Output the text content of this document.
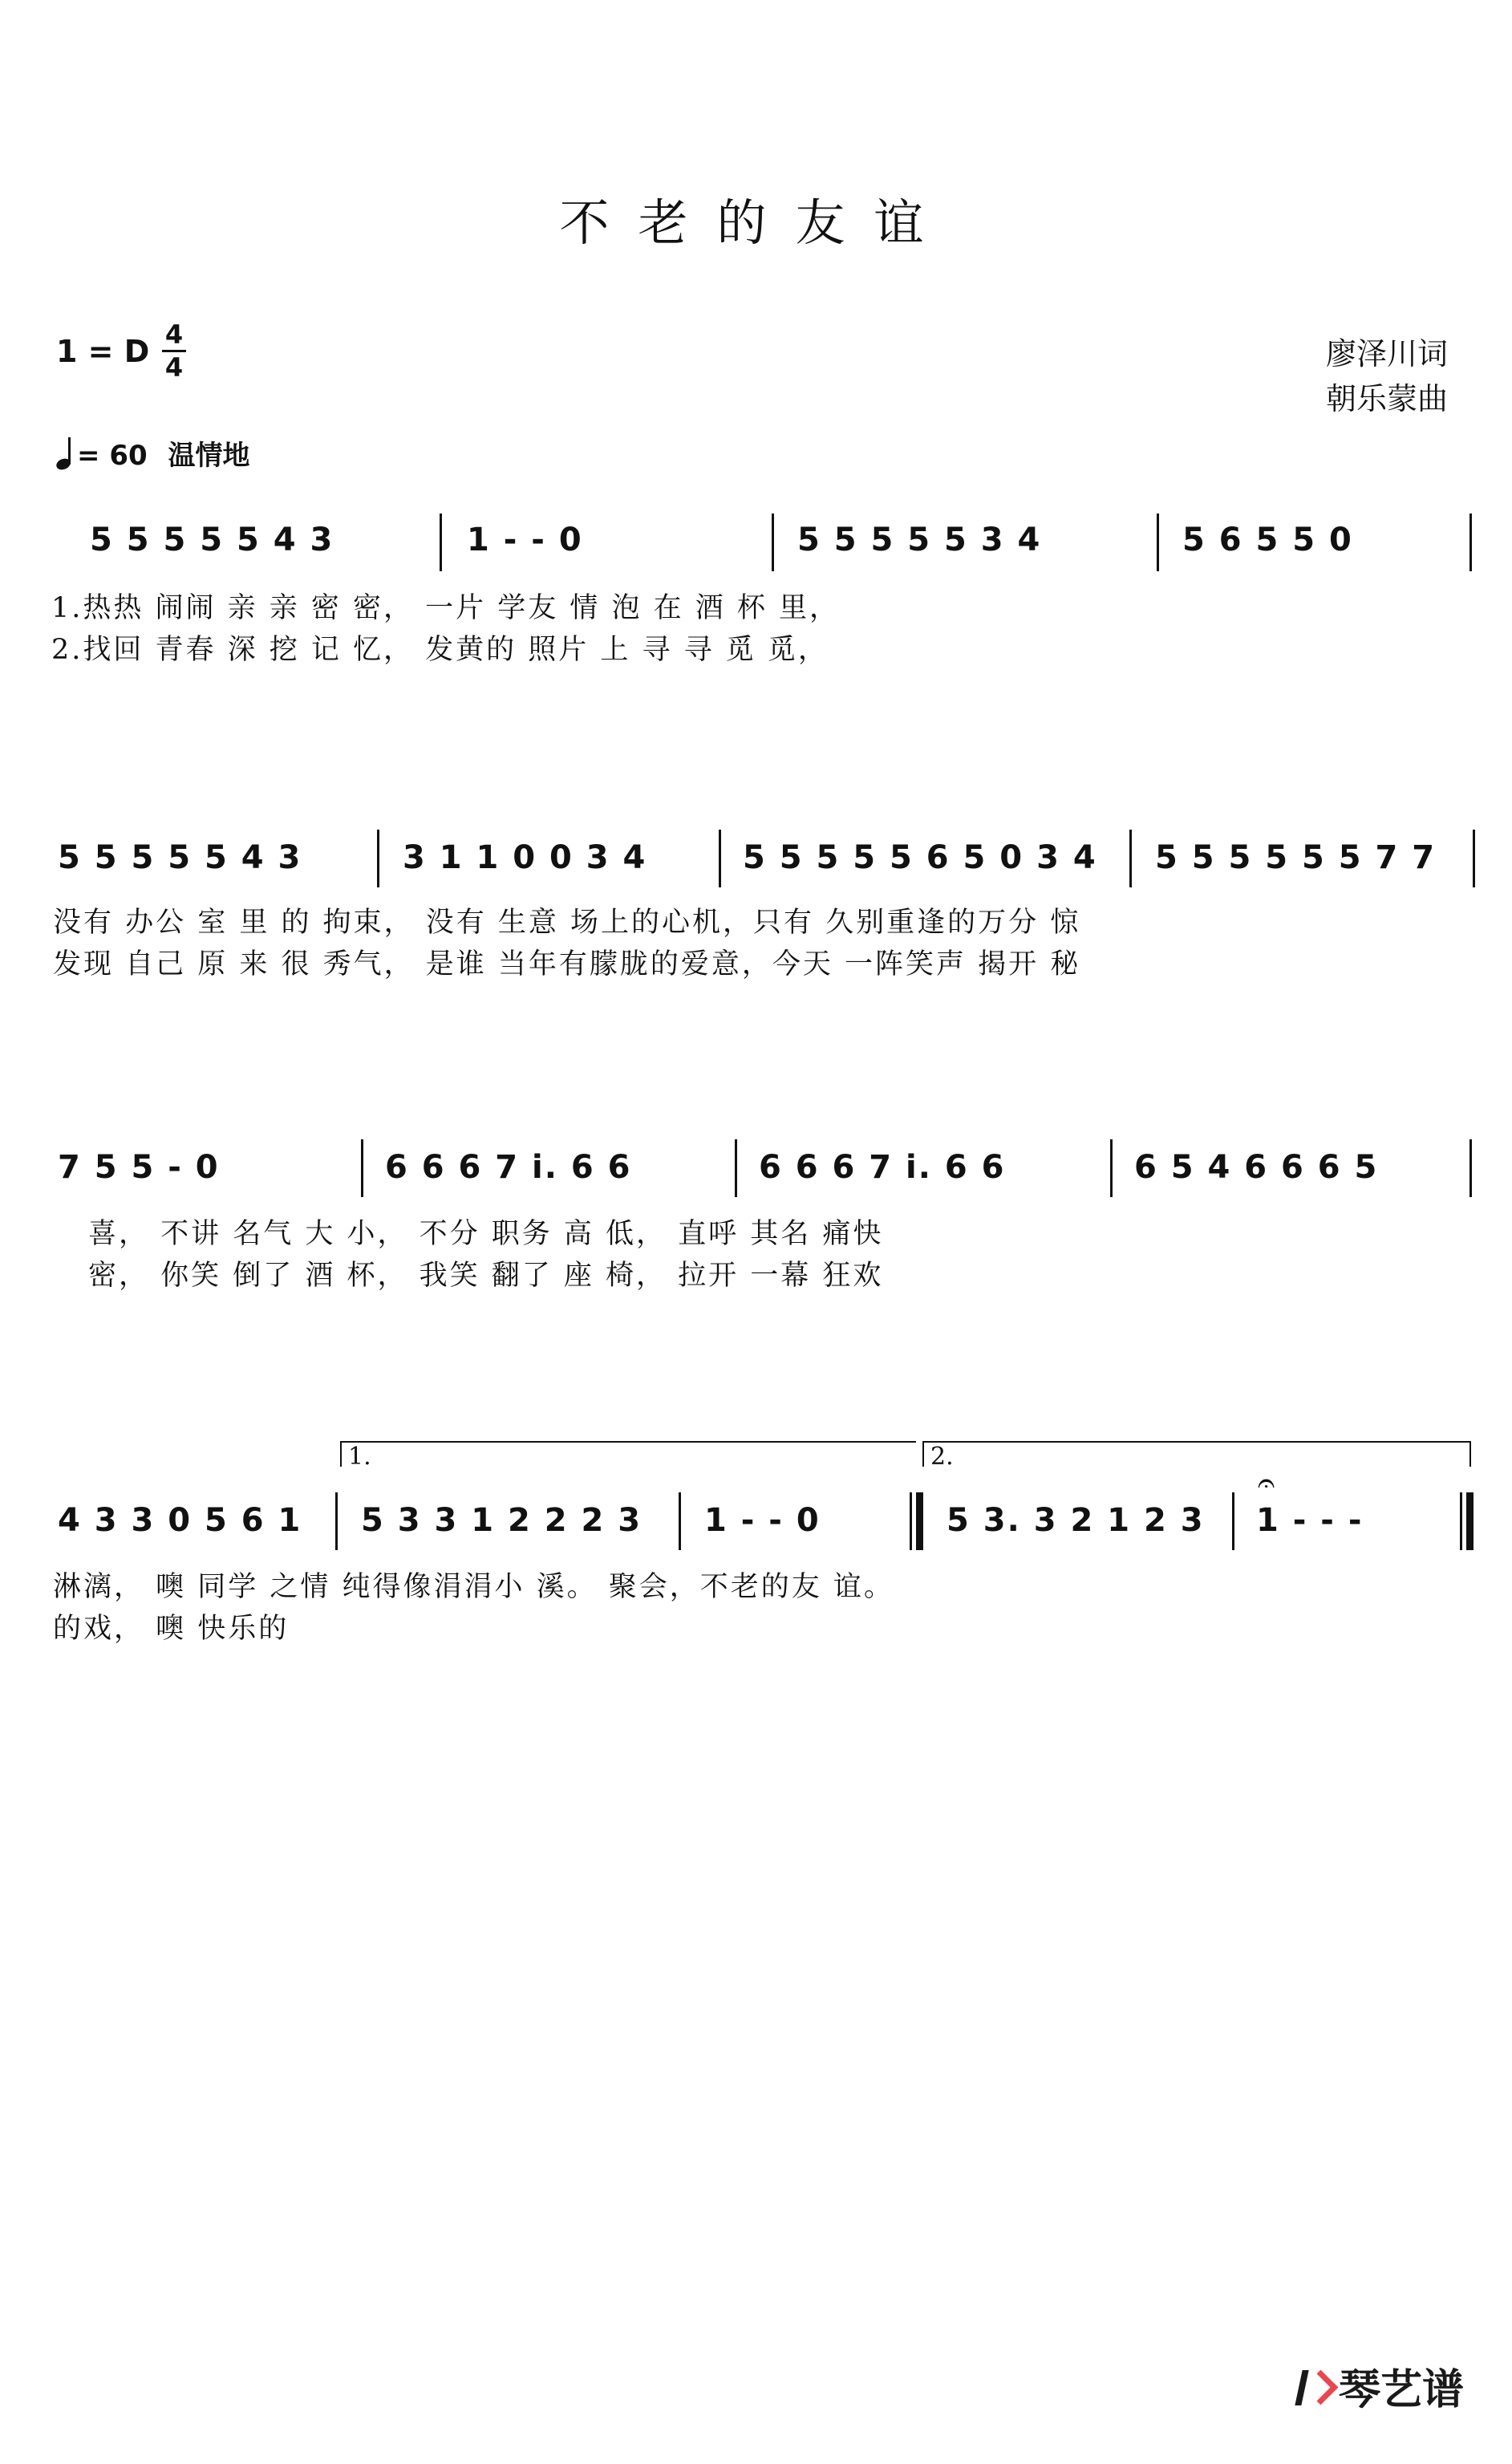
不老的友谊
1 = D 4
4	廖泽川词
朝乐蒙曲
= 60 温情地
5 5 5 5 5 4 3	1 - - 0	5 5 5 5 5 3 4	5 6 5 5 0
1.热热 闹闹 亲 亲 密 密， 一片 学友 情 泡 在 酒 杯 里，
2.找回 青春 深 挖 记 忆， 发黄的 照片 上 寻 寻 觅 觅，
5 5 5 5 5 4 3	3 1 1 0 0 3 4	5 5 5 5 5 6 5 0 3 4 5 5 5 5 5 5 7 7
没有 办公 室 里 的 拘束， 没有 生意 场上的心机，只有 久别重逢的万分 惊
发现 自己 原 来 很 秀气， 是谁 当年有朦胧的爱意，今天 一阵笑声 揭开 秘
7 5 5 - 0	6 6 6 7 i. 6 6	6 6 6 7 i. 6 6	6 5 4 6 6 6 5
喜， 不讲 名气 大 小， 不分 职务 高 低， 直呼 其名 痛快
密， 你笑 倒了 酒 杯， 我笑 翻了 座 椅， 拉开 一幕 狂欢
1.	2.
4 3 3 0 5 6 1 5 3 3 1 2 2 2 3 1 - - 0	5 3. 3 2 1 2 3 1 - - -
𝄐
淋漓， 噢 同学 之情 纯得像涓涓小 溪。 聚会，不老的友 谊。
的戏， 噢 快乐的
琴艺谱
